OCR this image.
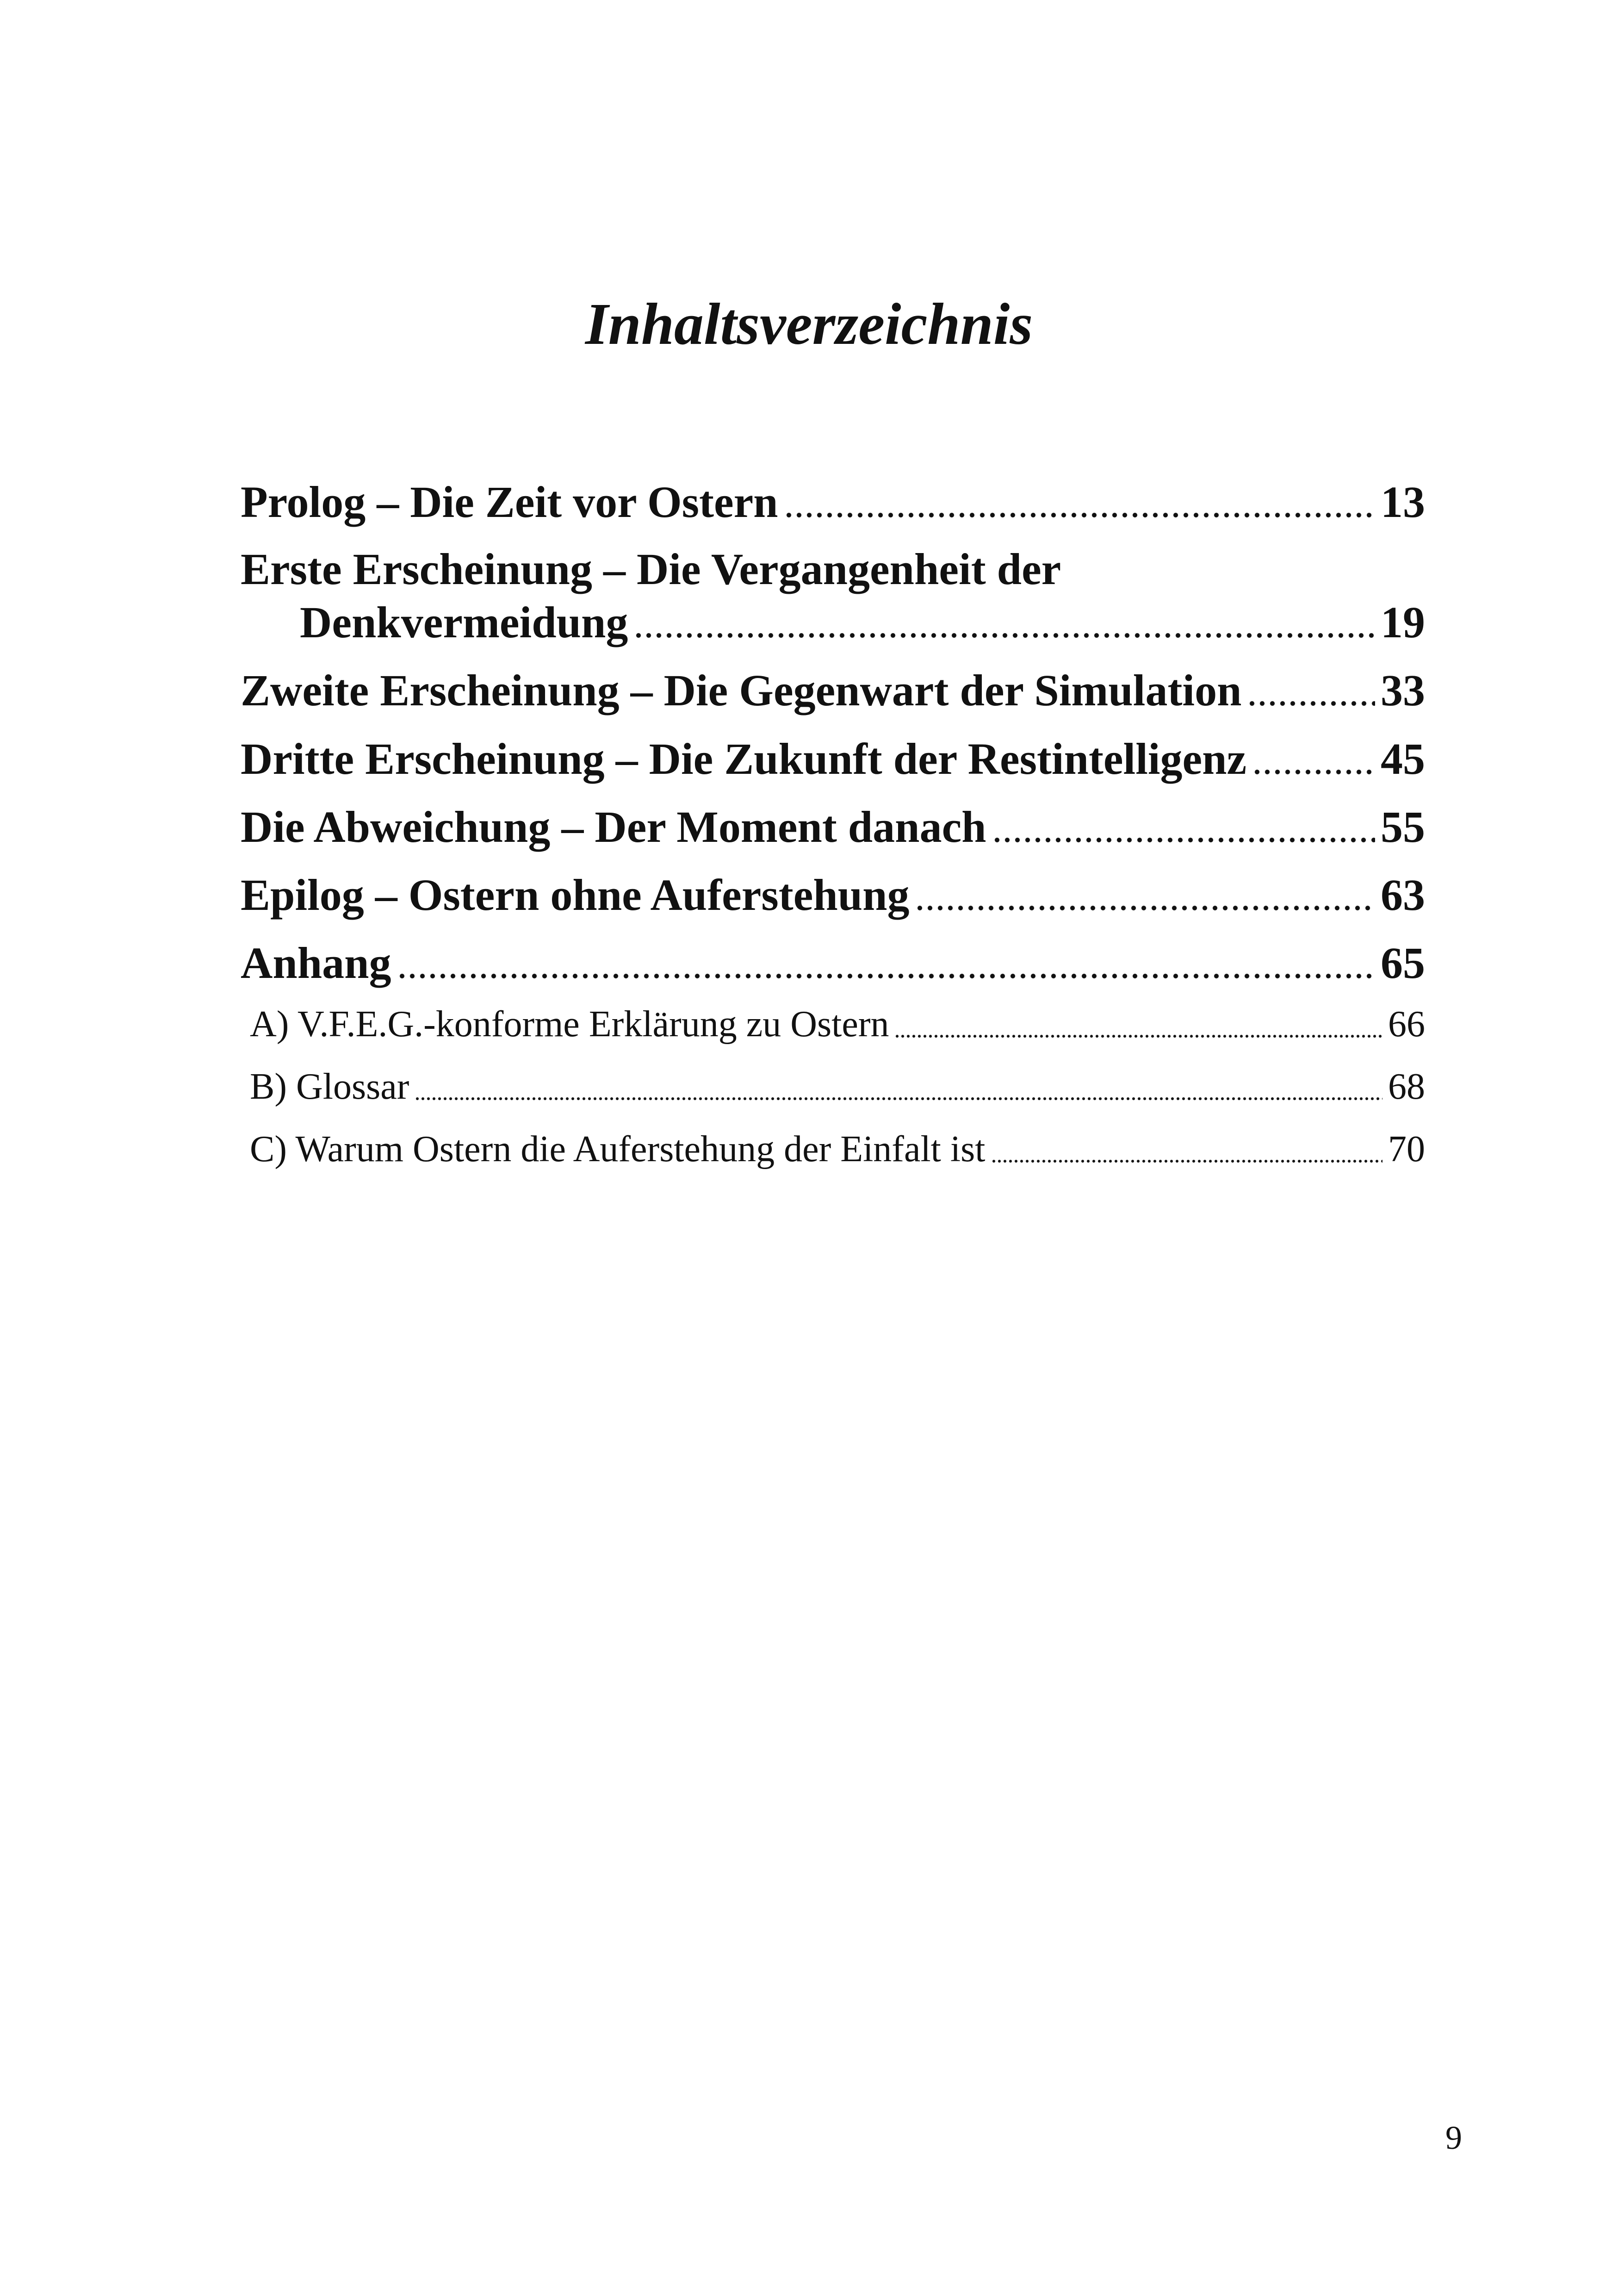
Inhaltsverzeichnis
Prolog – Die Zeit vor Ostern	13
Erste Erscheinung – Die Vergangenheit der
Denkvermeidung	19
Zweite Erscheinung – Die Gegenwart der Simulation	33
Dritte Erscheinung – Die Zukunft der Restintelligenz	45
Die Abweichung – Der Moment danach	55
Epilog – Ostern ohne Auferstehung	63
Anhang	65
A) V.F.E.G.-konforme Erklärung zu Ostern	66
B) Glossar	68
C) Warum Ostern die Auferstehung der Einfalt ist	70
9
